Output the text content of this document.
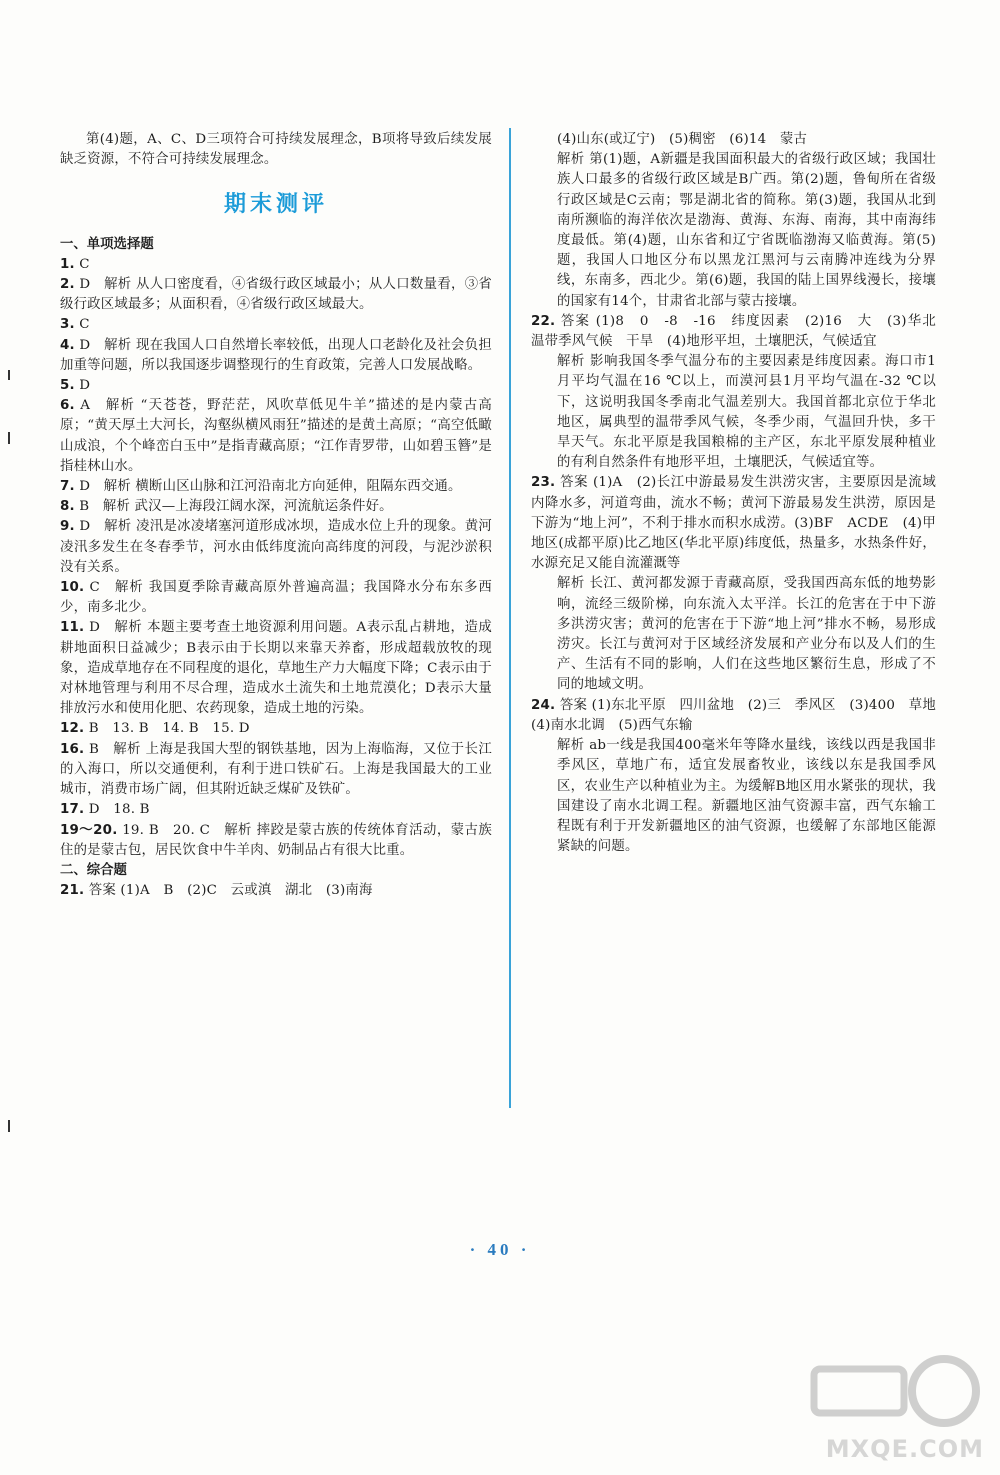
第(4)题，A、C、D三项符合可持续发展理念，B项将导致后续发展缺乏资源，不符合可持续发展理念。

期末测评

一、单项选择题

1. C

2. D　解析 从人口密度看，④省级行政区域最小；从人口数量看，③省级行政区域最多；从面积看，④省级行政区域最大。

3. C

4. D　解析 现在我国人口自然增长率较低，出现人口老龄化及社会负担加重等问题，所以我国逐步调整现行的生育政策，完善人口发展战略。

5. D

6. A　解析 “天苍苍，野茫茫，风吹草低见牛羊”描述的是内蒙古高原；“黄天厚土大河长，沟壑纵横风雨狂”描述的是黄土高原；“高空低瞰山成浪，个个峰峦白玉中”是指青藏高原；“江作青罗带，山如碧玉簪”是指桂林山水。

7. D　解析 横断山区山脉和江河沿南北方向延伸，阻隔东西交通。

8. B　解析 武汉—上海段江阔水深，河流航运条件好。

9. D　解析 凌汛是冰凌堵塞河道形成冰坝，造成水位上升的现象。黄河凌汛多发生在冬春季节，河水由低纬度流向高纬度的河段，与泥沙淤积没有关系。

10. C　解析 我国夏季除青藏高原外普遍高温；我国降水分布东多西少，南多北少。

11. D　解析 本题主要考查土地资源利用问题。A表示乱占耕地，造成耕地面积日益减少；B表示由于长期以来靠天养畜，形成超载放牧的现象，造成草地存在不同程度的退化，草地生产力大幅度下降；C表示由于对林地管理与利用不尽合理，造成水土流失和土地荒漠化；D表示大量排放污水和使用化肥、农药现象，造成土地的污染。

12. B　13. B　14. B　15. D

16. B　解析 上海是我国大型的钢铁基地，因为上海临海，又位于长江的入海口，所以交通便利，有利于进口铁矿石。上海是我国最大的工业城市，消费市场广阔，但其附近缺乏煤矿及铁矿。

17. D　18. B

19～20. 19. B　20. C　解析 摔跤是蒙古族的传统体育活动，蒙古族住的是蒙古包，居民饮食中牛羊肉、奶制品占有很大比重。

二、综合题

21. 答案 (1)A　B　(2)C　云或滇　湖北　(3)南海

(4)山东(或辽宁)　(5)稠密　(6)14　蒙古

解析 第(1)题，A新疆是我国面积最大的省级行政区域；我国壮族人口最多的省级行政区域是B广西。第(2)题，鲁甸所在省级行政区域是C云南；鄂是湖北省的简称。第(3)题，我国从北到南所濒临的海洋依次是渤海、黄海、东海、南海，其中南海纬度最低。第(4)题，山东省和辽宁省既临渤海又临黄海。第(5)题，我国人口地区分布以黑龙江黑河与云南腾冲连线为分界线，东南多，西北少。第(6)题，我国的陆上国界线漫长，接壤的国家有14个，甘肃省北部与蒙古接壤。

22. 答案 (1)8　0　-8　-16　纬度因素　(2)16　大　(3)华北　温带季风气候　干旱　(4)地形平坦，土壤肥沃，气候适宜

解析 影响我国冬季气温分布的主要因素是纬度因素。海口市1月平均气温在16 ℃以上，而漠河县1月平均气温在-32 ℃以下，这说明我国冬季南北气温差别大。我国首都北京位于华北地区，属典型的温带季风气候，冬季少雨，气温回升快，多干旱天气。东北平原是我国粮棉的主产区，东北平原发展种植业的有利自然条件有地形平坦，土壤肥沃，气候适宜等。

23. 答案 (1)A　(2)长江中游最易发生洪涝灾害，主要原因是流域内降水多，河道弯曲，流水不畅；黄河下游最易发生洪涝，原因是下游为“地上河”，不利于排水而积水成涝。(3)BF　ACDE　(4)甲地区(成都平原)比乙地区(华北平原)纬度低，热量多，水热条件好，水源充足又能自流灌溉等

解析 长江、黄河都发源于青藏高原，受我国西高东低的地势影响，流经三级阶梯，向东流入太平洋。长江的危害在于中下游多洪涝灾害；黄河的危害在于下游“地上河”排水不畅，易形成涝灾。长江与黄河对于区域经济发展和产业分布以及人们的生产、生活有不同的影响，人们在这些地区繁衍生息，形成了不同的地域文明。

24. 答案 (1)东北平原　四川盆地　(2)三　季风区　(3)400　草地　(4)南水北调　(5)西气东输

解析 ab一线是我国400毫米年等降水量线，该线以西是我国非季风区，草地广布，适宜发展畜牧业，该线以东是我国季风区，农业生产以种植业为主。为缓解B地区用水紧张的现状，我国建设了南水北调工程。新疆地区油气资源丰富，西气东输工程既有利于开发新疆地区的油气资源，也缓解了东部地区能源紧缺的问题。

· 40 ·
MXQE.COM
